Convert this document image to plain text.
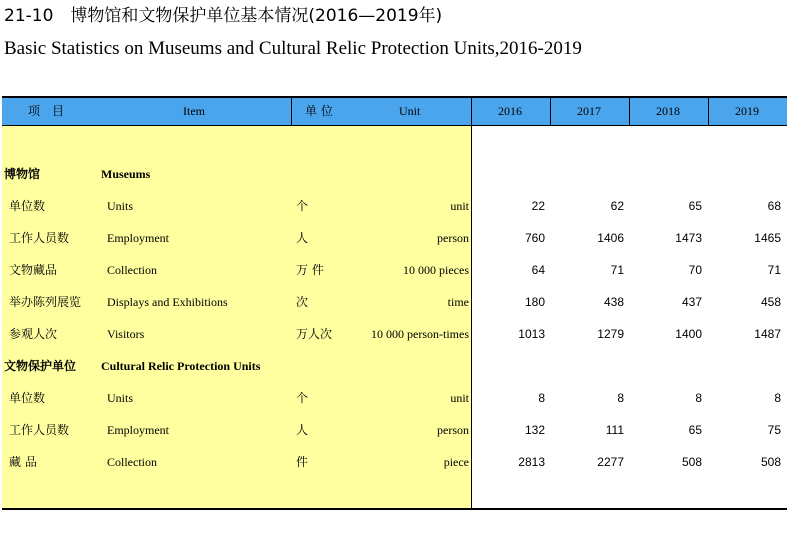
21-10　博物馆和文物保护单位基本情况(2016—2019年)
Basic Statistics on Museums and Cultural Relic Protection Units,2016-2019
项　目	Item	单 位	Unit	2016	2017	2018	2019
博物馆	Museums
单位数	Units	个	unit	22	62	65	68
工作人员数	Employment	人	person	760	1406	1473	1465
文物藏品	Collection	万 件	10 000 pieces	64	71	70	71
举办陈列展览 Displays and Exhibitions	次	time	180	438	437	458
参观人次	Visitors	万人次	10 000 person-times	1013	1279	1400	1487
文物保护单位 Cultural Relic Protection Units
单位数	Units	个	unit	8	8	8	8
工作人员数	Employment	人	person	132	111	65	75
藏 品	Collection	件	piece	2813	2277	508	508
